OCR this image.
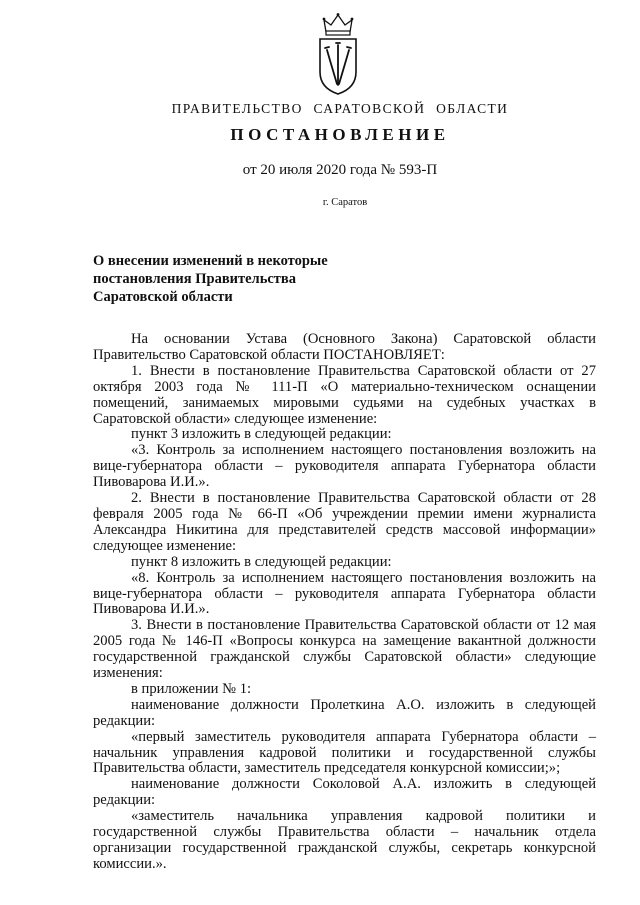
ПРАВИТЕЛЬСТВО САРАТОВСКОЙ ОБЛАСТИ
ПОСТАНОВЛЕНИЕ
от 20 июля 2020 года № 593-П
г. Саратов
О внесении изменений в некоторые
постановления Правительства
Саратовской области

На основании Устава (Основного Закона) Саратовской области Правительство Саратовской области ПОСТАНОВЛЯЕТ:

1. Внести в постановление Правительства Саратовской области от 27 октября 2003 года № 111-П «О материально-техническом оснащении помещений, занимаемых мировыми судьями на судебных участках в Саратовской области» следующее изменение:

пункт 3 изложить в следующей редакции:

«3. Контроль за исполнением настоящего постановления возложить на вице-губернатора области – руководителя аппарата Губернатора области Пивоварова И.И.».

2. Внести в постановление Правительства Саратовской области от 28 февраля 2005 года № 66-П «Об учреждении премии имени журналиста Александра Никитина для представителей средств массовой информации» следующее изменение:

пункт 8 изложить в следующей редакции:

«8. Контроль за исполнением настоящего постановления возложить на вице-губернатора области – руководителя аппарата Губернатора области Пивоварова И.И.».

3. Внести в постановление Правительства Саратовской области от 12 мая 2005 года № 146-П «Вопросы конкурса на замещение вакантной должности государственной гражданской службы Саратовской области» следующие изменения:

в приложении № 1:

наименование должности Пролеткина А.О. изложить в следующей редакции:

«первый заместитель руководителя аппарата Губернатора области – начальник управления кадровой политики и государственной службы Правительства области, заместитель председателя конкурсной комиссии;»;

наименование должности Соколовой А.А. изложить в следующей редакции:

«заместитель начальника управления кадровой политики и государственной службы Правительства области – начальник отдела организации государственной гражданской службы, секретарь конкурсной комиссии.».
